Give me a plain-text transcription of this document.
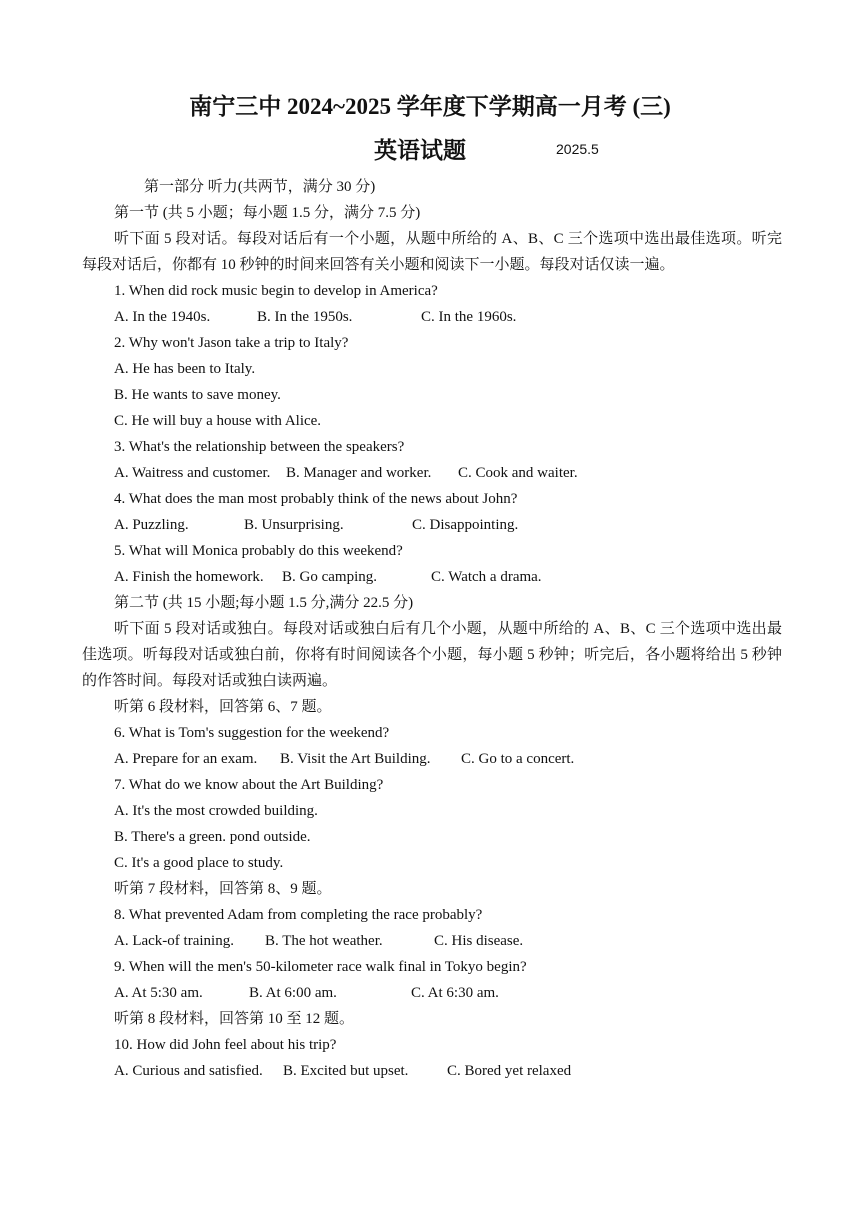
南宁三中 2024~2025 学年度下学期高一月考 (三)
英语试题	2025.5
第一部分 听力(共两节，满分 30 分)
第一节 (共 5 小题；每小题 1.5 分，满分 7.5 分)
听下面 5 段对话。每段对话后有一个小题，从题中所给的 A、B、C 三个选项中选出最佳选项。听完每段对话后，你都有 10 秒钟的时间来回答有关小题和阅读下一小题。每段对话仅读一遍。
1. When did rock music begin to develop in America?
A. In the 1940s.	B. In the 1950s.	C. In the 1960s.
2. Why won't Jason take a trip to Italy?
A. He has been to Italy.
B. He wants to save money.
C. He will buy a house with Alice.
3. What's the relationship between the speakers?
A. Waitress and customer.	B. Manager and worker.	C. Cook and waiter.
4. What does the man most probably think of the news about John?
A. Puzzling.	B. Unsurprising.	C. Disappointing.
5. What will Monica probably do this weekend?
A. Finish the homework.	B. Go camping.	C. Watch a drama.
第二节 (共 15 小题;每小题 1.5 分,满分 22.5 分)
听下面 5 段对话或独白。每段对话或独白后有几个小题，从题中所给的 A、B、C 三个选项中选出最佳选项。听每段对话或独白前，你将有时间阅读各个小题，每小题 5 秒钟；听完后，各小题将给出 5 秒钟的作答时间。每段对话或独白读两遍。
听第 6 段材料，回答第 6、7 题。
6. What is Tom's suggestion for the weekend?
A. Prepare for an exam.	B. Visit the Art Building.	C. Go to a concert.
7. What do we know about the Art Building?
A. It's the most crowded building.
B. There's a green. pond outside.
C. It's a good place to study.
听第 7 段材料，回答第 8、9 题。
8. What prevented Adam from completing the race probably?
A. Lack-of training.	B. The hot weather.	C. His disease.
9. When will the men's 50-kilometer race walk final in Tokyo begin?
A. At 5:30 am.	B. At 6:00 am.	C. At 6:30 am.
听第 8 段材料，回答第 10 至 12 题。
10. How did John feel about his trip?
A. Curious and satisfied.	B. Excited but upset.	C. Bored yet relaxed
